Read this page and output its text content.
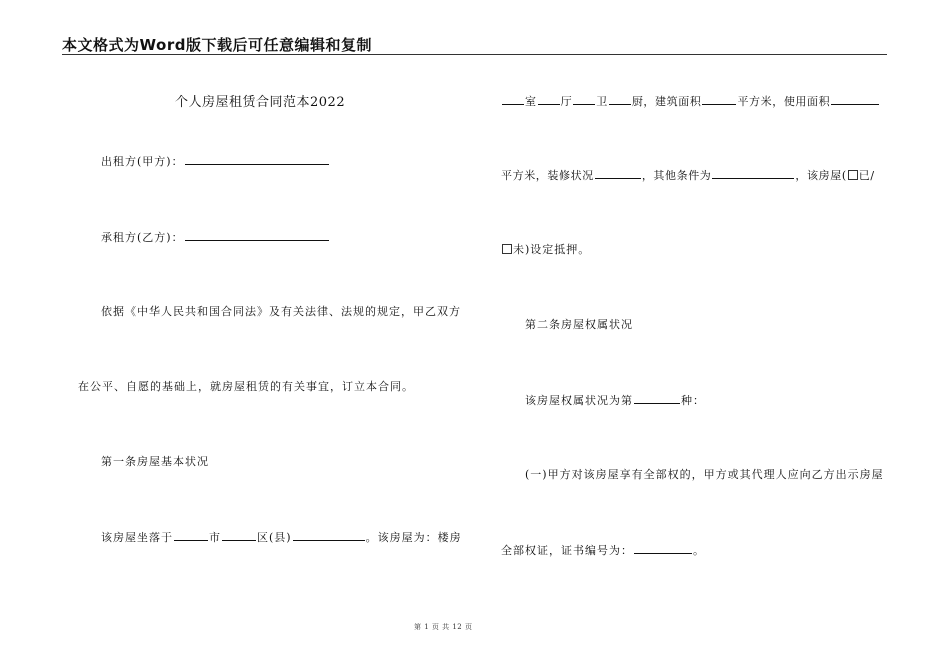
本文格式为Word版下载后可任意编辑和复制
个人房屋租赁合同范本2022
出租方(甲方)：
承租方(乙方)：
依据《中华人民共和国合同法》及有关法律、法规的规定，甲乙双方
在公平、自愿的基础上，就房屋租赁的有关事宜，订立本合同。
第一条房屋基本状况
该房屋坐落于	市	区(县)	。该房屋为：楼房
室 厅 卫 厨，建筑面积	平方米，使用面积
平方米，装修状况	，其他条件为	，该房屋( 已/
未)设定抵押。
第二条房屋权属状况
该房屋权属状况为第	种：
(一)甲方对该房屋享有全部权的，甲方或其代理人应向乙方出示房屋
全部权证，证书编号为：	。
第 1 页 共 12 页
